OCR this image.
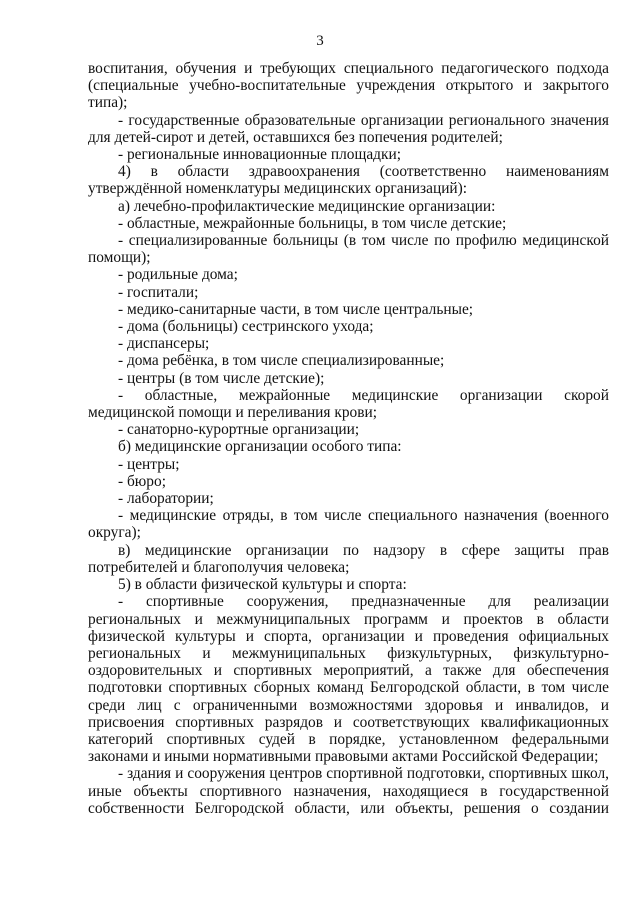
3

воспитания, обучения и требующих специального педагогического подхода (специальные учебно-воспитательные учреждения открытого и закрытого типа);

- государственные образовательные организации регионального значения для детей-сирот и детей, оставшихся без попечения родителей;

- региональные инновационные площадки;

4) в области здравоохранения (соответственно наименованиям утверждённой номенклатуры медицинских организаций):

а) лечебно-профилактические медицинские организации:

- областные, межрайонные больницы, в том числе детские;

- специализированные больницы (в том числе по профилю медицинской помощи);

- родильные дома;

- госпитали;

- медико-санитарные части, в том числе центральные;

- дома (больницы) сестринского ухода;

- диспансеры;

- дома ребёнка, в том числе специализированные;

- центры (в том числе детские);

- областные, межрайонные медицинские организации скорой медицинской помощи и переливания крови;

- санаторно-курортные организации;

б) медицинские организации особого типа:

- центры;

- бюро;

- лаборатории;

- медицинские отряды, в том числе специального назначения (военного округа);

в) медицинские организации по надзору в сфере защиты прав потребителей и благополучия человека;

5) в области физической культуры и спорта:

- спортивные сооружения, предназначенные для реализации региональных и межмуниципальных программ и проектов в области физической культуры и спорта, организации и проведения официальных региональных и межмуниципальных физкультурных, физкультурно-оздоровительных и спортивных мероприятий, а также для обеспечения подготовки спортивных сборных команд Белгородской области, в том числе среди лиц с ограниченными возможностями здоровья и инвалидов, и присвоения спортивных разрядов и соответствующих квалификационных категорий спортивных судей в порядке, установленном федеральными законами и иными нормативными правовыми актами Российской Федерации;

- здания и сооружения центров спортивной подготовки, спортивных школ, иные объекты спортивного назначения, находящиеся в государственной собственности Белгородской области, или объекты, решения о создании
